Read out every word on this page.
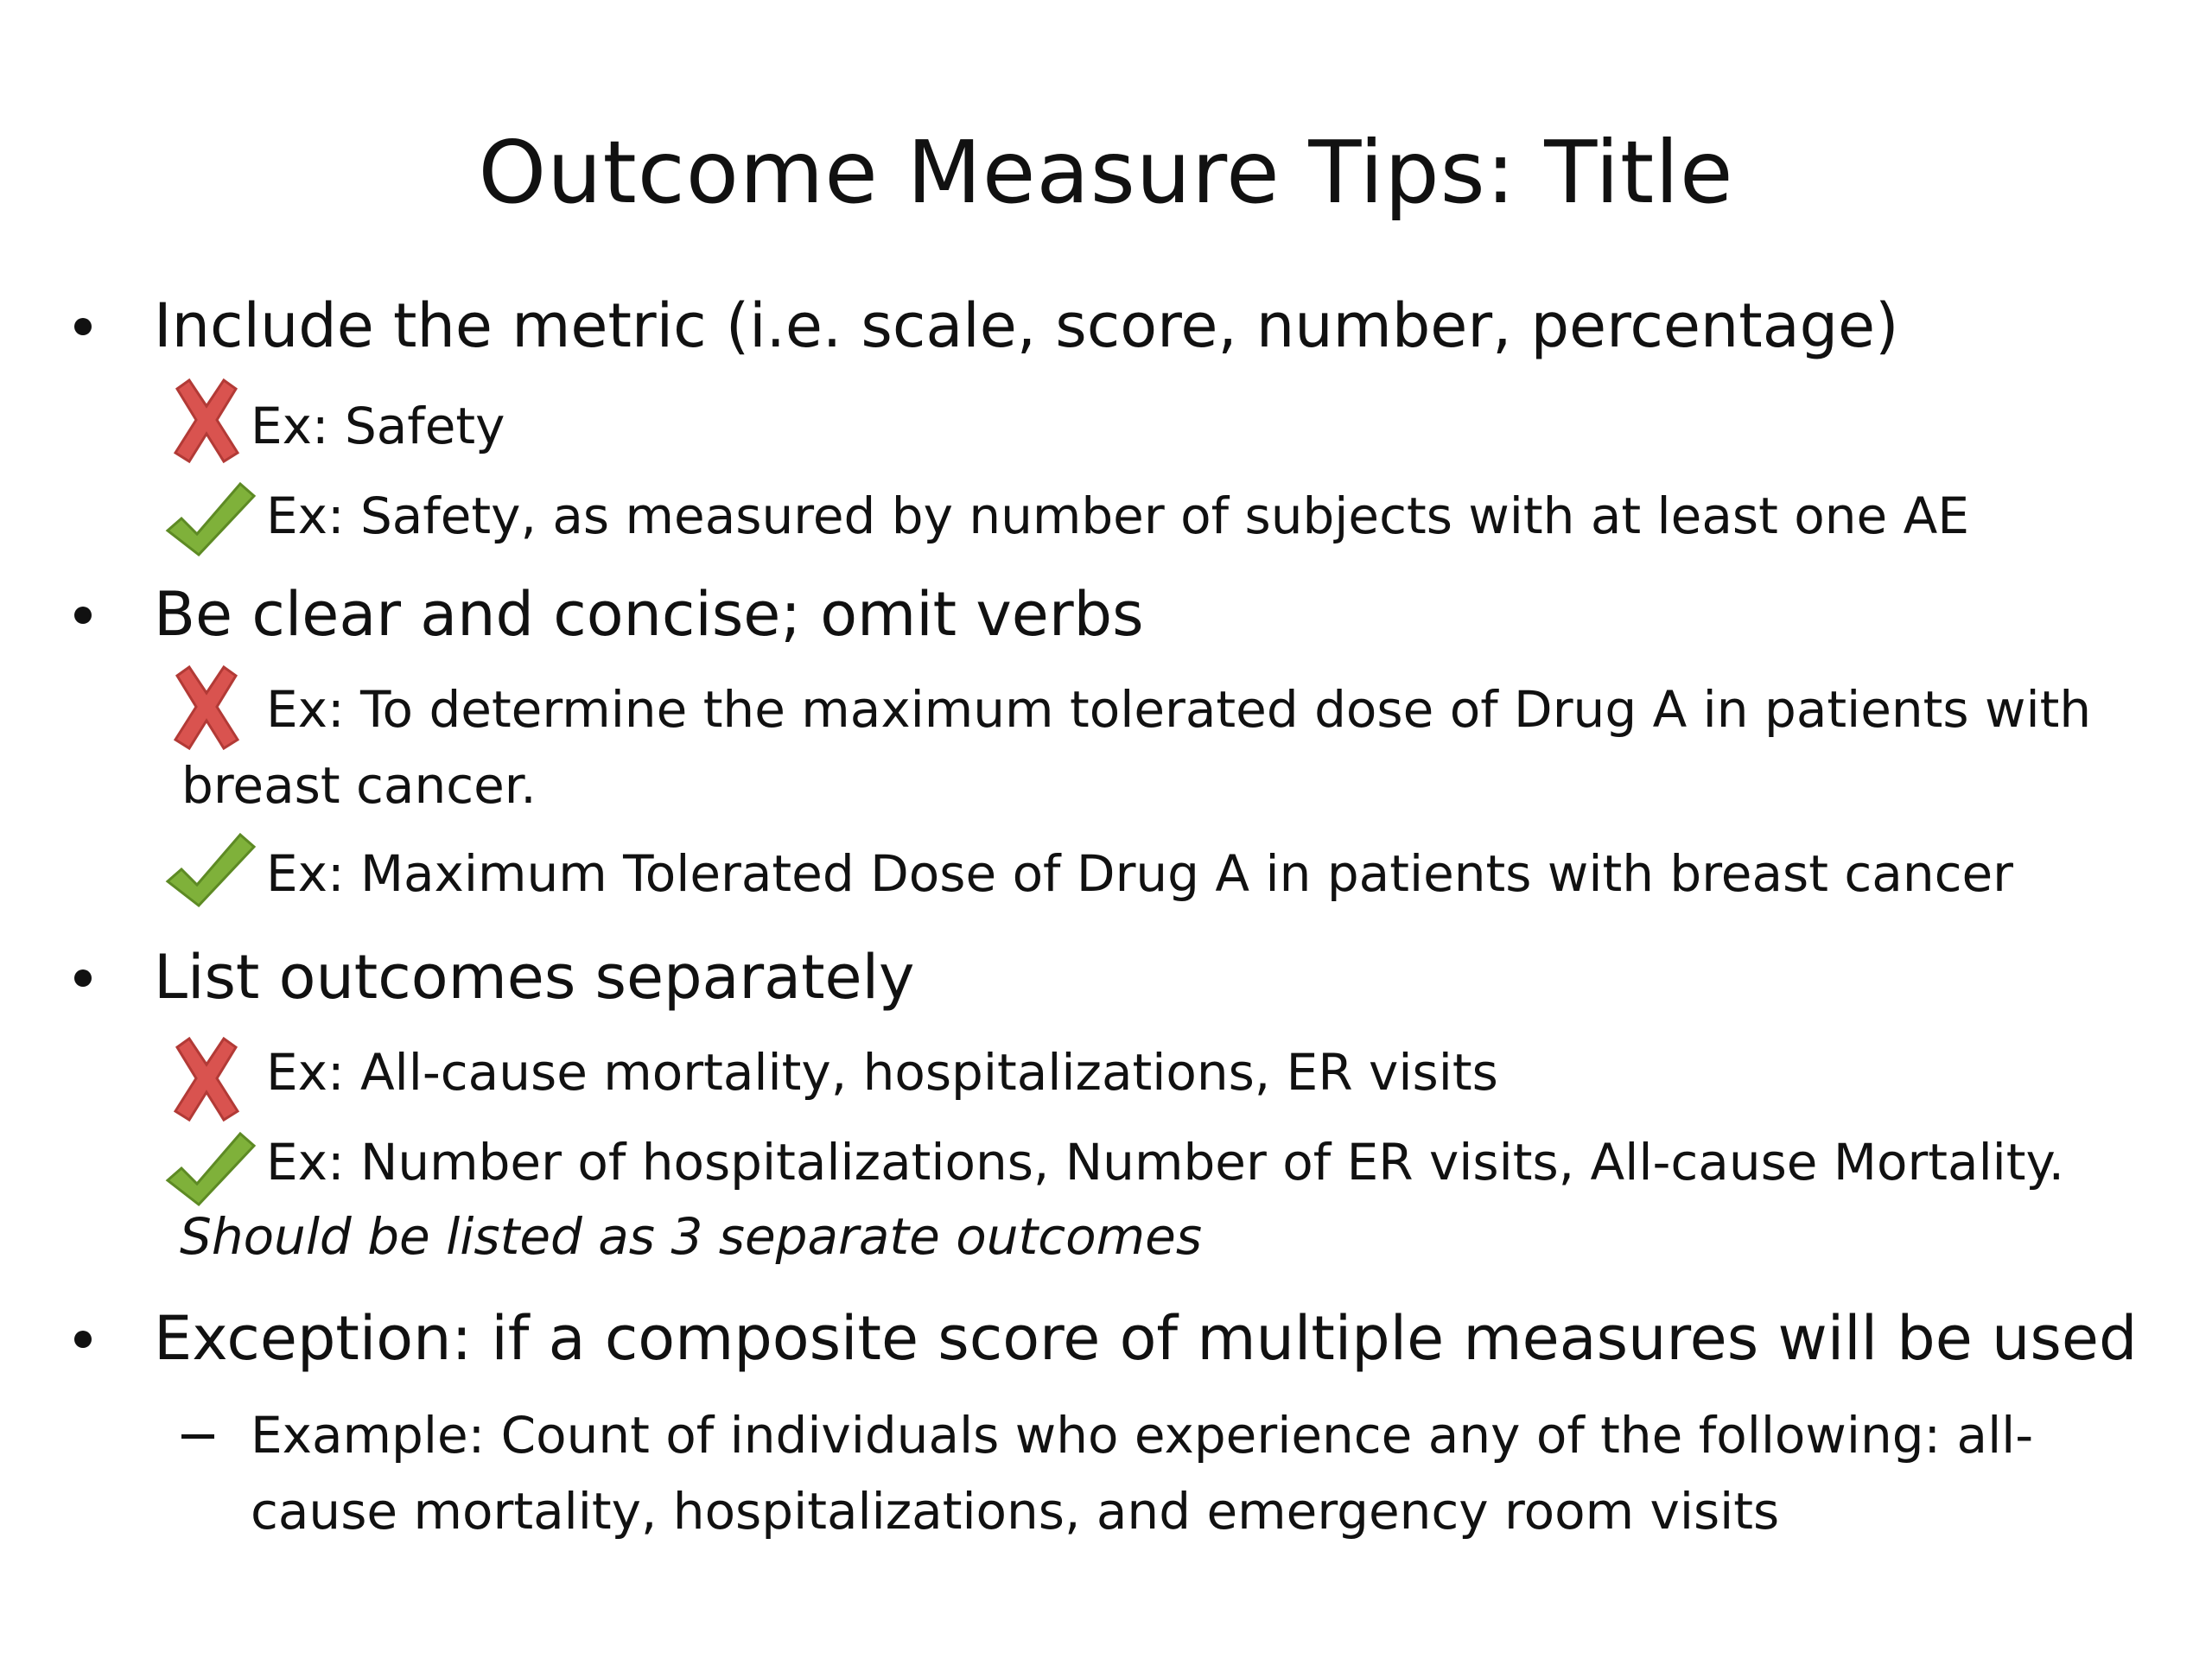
Outcome Measure Tips: Title
Include the metric (i.e. scale, score, number, percentage)
Ex: Safety
Ex: Safety, as measured by number of subjects with at least one AE
Be clear and concise; omit verbs
Ex: To determine the maximum tolerated dose of Drug A in patients with
breast cancer.
Ex: Maximum Tolerated Dose of Drug A in patients with breast cancer
List outcomes separately
Ex: All-cause mortality, hospitalizations, ER visits
Ex: Number of hospitalizations, Number of ER visits, All-cause Mortality.
Should be listed as 3 separate outcomes
Exception: if a composite score of multiple measures will be used
Example: Count of individuals who experience any of the following: all-
cause mortality, hospitalizations, and emergency room visits
